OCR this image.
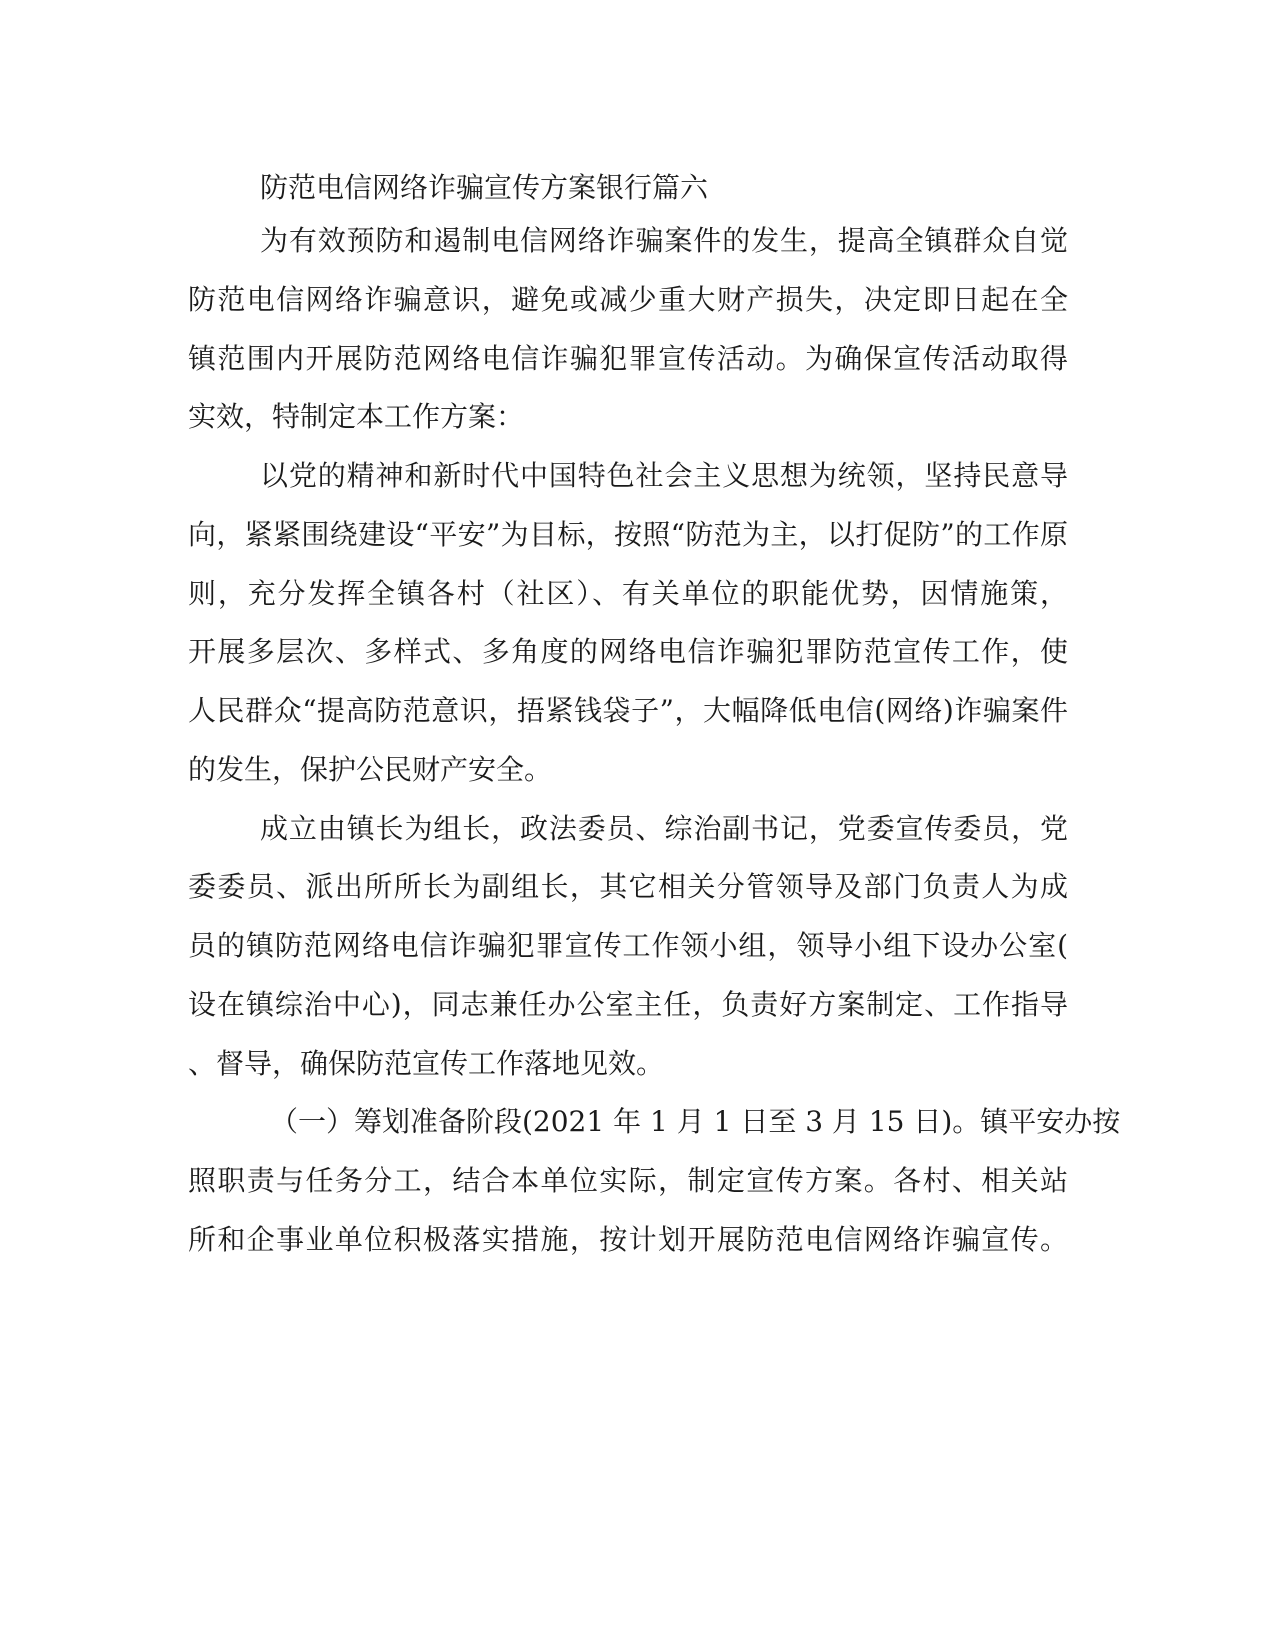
防范电信网络诈骗宣传方案银行篇六
为有效预防和遏制电信网络诈骗案件的发生，提高全镇群众自觉
防范电信网络诈骗意识，避免或减少重大财产损失，决定即日起在全
镇范围内开展防范网络电信诈骗犯罪宣传活动。为确保宣传活动取得
实效，特制定本工作方案：
以党的精神和新时代中国特色社会主义思想为统领，坚持民意导
向，紧紧围绕建设“平安”为目标，按照“防范为主，以打促防”的工作原
则，充分发挥全镇各村（社区）、有关单位的职能优势，因情施策，
开展多层次、多样式、多角度的网络电信诈骗犯罪防范宣传工作，使
人民群众“提高防范意识，捂紧钱袋子”，大幅降低电信(网络)诈骗案件
的发生，保护公民财产安全。
成立由镇长为组长，政法委员、综治副书记，党委宣传委员，党
委委员、派出所所长为副组长，其它相关分管领导及部门负责人为成
员的镇防范网络电信诈骗犯罪宣传工作领小组，领导小组下设办公室(
设在镇综治中心)，同志兼任办公室主任，负责好方案制定、工作指导
、督导，确保防范宣传工作落地见效。
（一）筹划准备阶段(2021 年 1 月 1 日至 3 月 15 日)。镇平安办按
照职责与任务分工，结合本单位实际，制定宣传方案。各村、相关站
所和企事业单位积极落实措施，按计划开展防范电信网络诈骗宣传。
